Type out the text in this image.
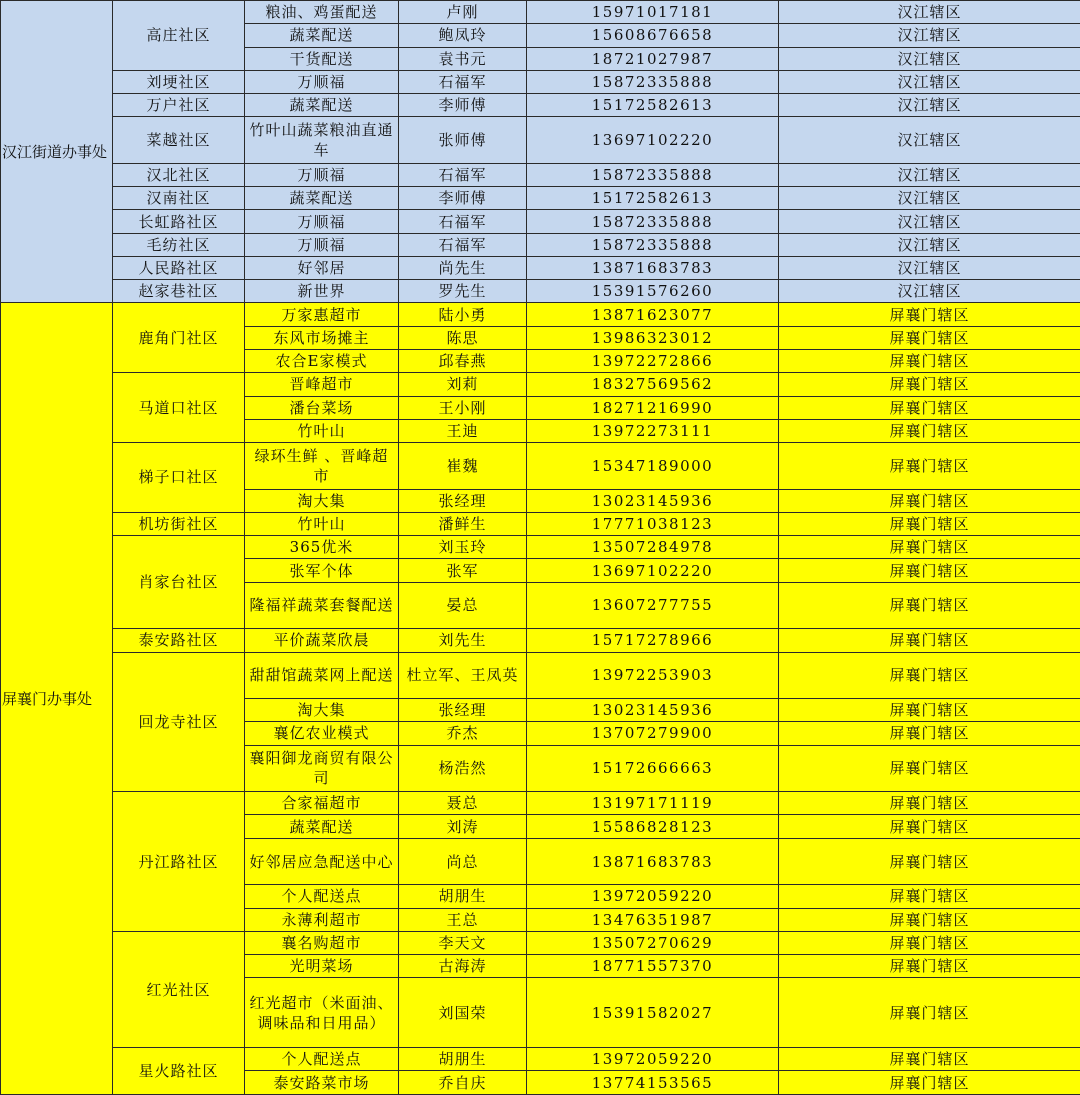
汉江街道办事处	高庄社区	粮油、鸡蛋配送	卢刚	15971017181	汉江辖区
		蔬菜配送	鲍凤玲	15608676658	汉江辖区
		干货配送	袁书元	18721027987	汉江辖区
	刘埂社区	万顺福	石福军	15872335888	汉江辖区
	万户社区	蔬菜配送	李师傅	15172582613	汉江辖区
	菜越社区	竹叶山蔬菜粮油直通车	张师傅	13697102220	汉江辖区
	汉北社区	万顺福	石福军	15872335888	汉江辖区
	汉南社区	蔬菜配送	李师傅	15172582613	汉江辖区
	长虹路社区	万顺福	石福军	15872335888	汉江辖区
	毛纺社区	万顺福	石福军	15872335888	汉江辖区
	人民路社区	好邻居	尚先生	13871683783	汉江辖区
	赵家巷社区	新世界	罗先生	15391576260	汉江辖区
屏襄门办事处	鹿角门社区	万家惠超市	陆小勇	13871623077	屏襄门辖区
		东风市场摊主	陈思	13986323012	屏襄门辖区
		农合E家模式	邱春燕	13972272866	屏襄门辖区
	马道口社区	晋峰超市	刘莉	18327569562	屏襄门辖区
		潘台菜场	王小刚	18271216990	屏襄门辖区
		竹叶山	王迪	13972273111	屏襄门辖区
	梯子口社区	绿环生鲜 、晋峰超市	崔魏	15347189000	屏襄门辖区
		淘大集	张经理	13023145936	屏襄门辖区
	机坊街社区	竹叶山	潘鲜生	17771038123	屏襄门辖区
	肖家台社区	365优米	刘玉玲	13507284978	屏襄门辖区
		张军个体	张军	13697102220	屏襄门辖区
		隆福祥蔬菜套餐配送	晏总	13607277755	屏襄门辖区
	泰安路社区	平价蔬菜欣晨	刘先生	15717278966	屏襄门辖区
	回龙寺社区	甜甜馆蔬菜网上配送	杜立军、王凤英	13972253903	屏襄门辖区
		淘大集	张经理	13023145936	屏襄门辖区
		襄亿农业模式	乔杰	13707279900	屏襄门辖区
		襄阳御龙商贸有限公司	杨浩然	15172666663	屏襄门辖区
	丹江路社区	合家福超市	聂总	13197171119	屏襄门辖区
		蔬菜配送	刘涛	15586828123	屏襄门辖区
		好邻居应急配送中心	尚总	13871683783	屏襄门辖区
		个人配送点	胡朋生	13972059220	屏襄门辖区
		永薄利超市	王总	13476351987	屏襄门辖区
	红光社区	襄名购超市	李天文	13507270629	屏襄门辖区
		光明菜场	古海涛	18771557370	屏襄门辖区
		红光超市（米面油、调味品和日用品）	刘国荣	15391582027	屏襄门辖区
	星火路社区	个人配送点	胡朋生	13972059220	屏襄门辖区
		泰安路菜市场	乔自庆	13774153565	屏襄门辖区
